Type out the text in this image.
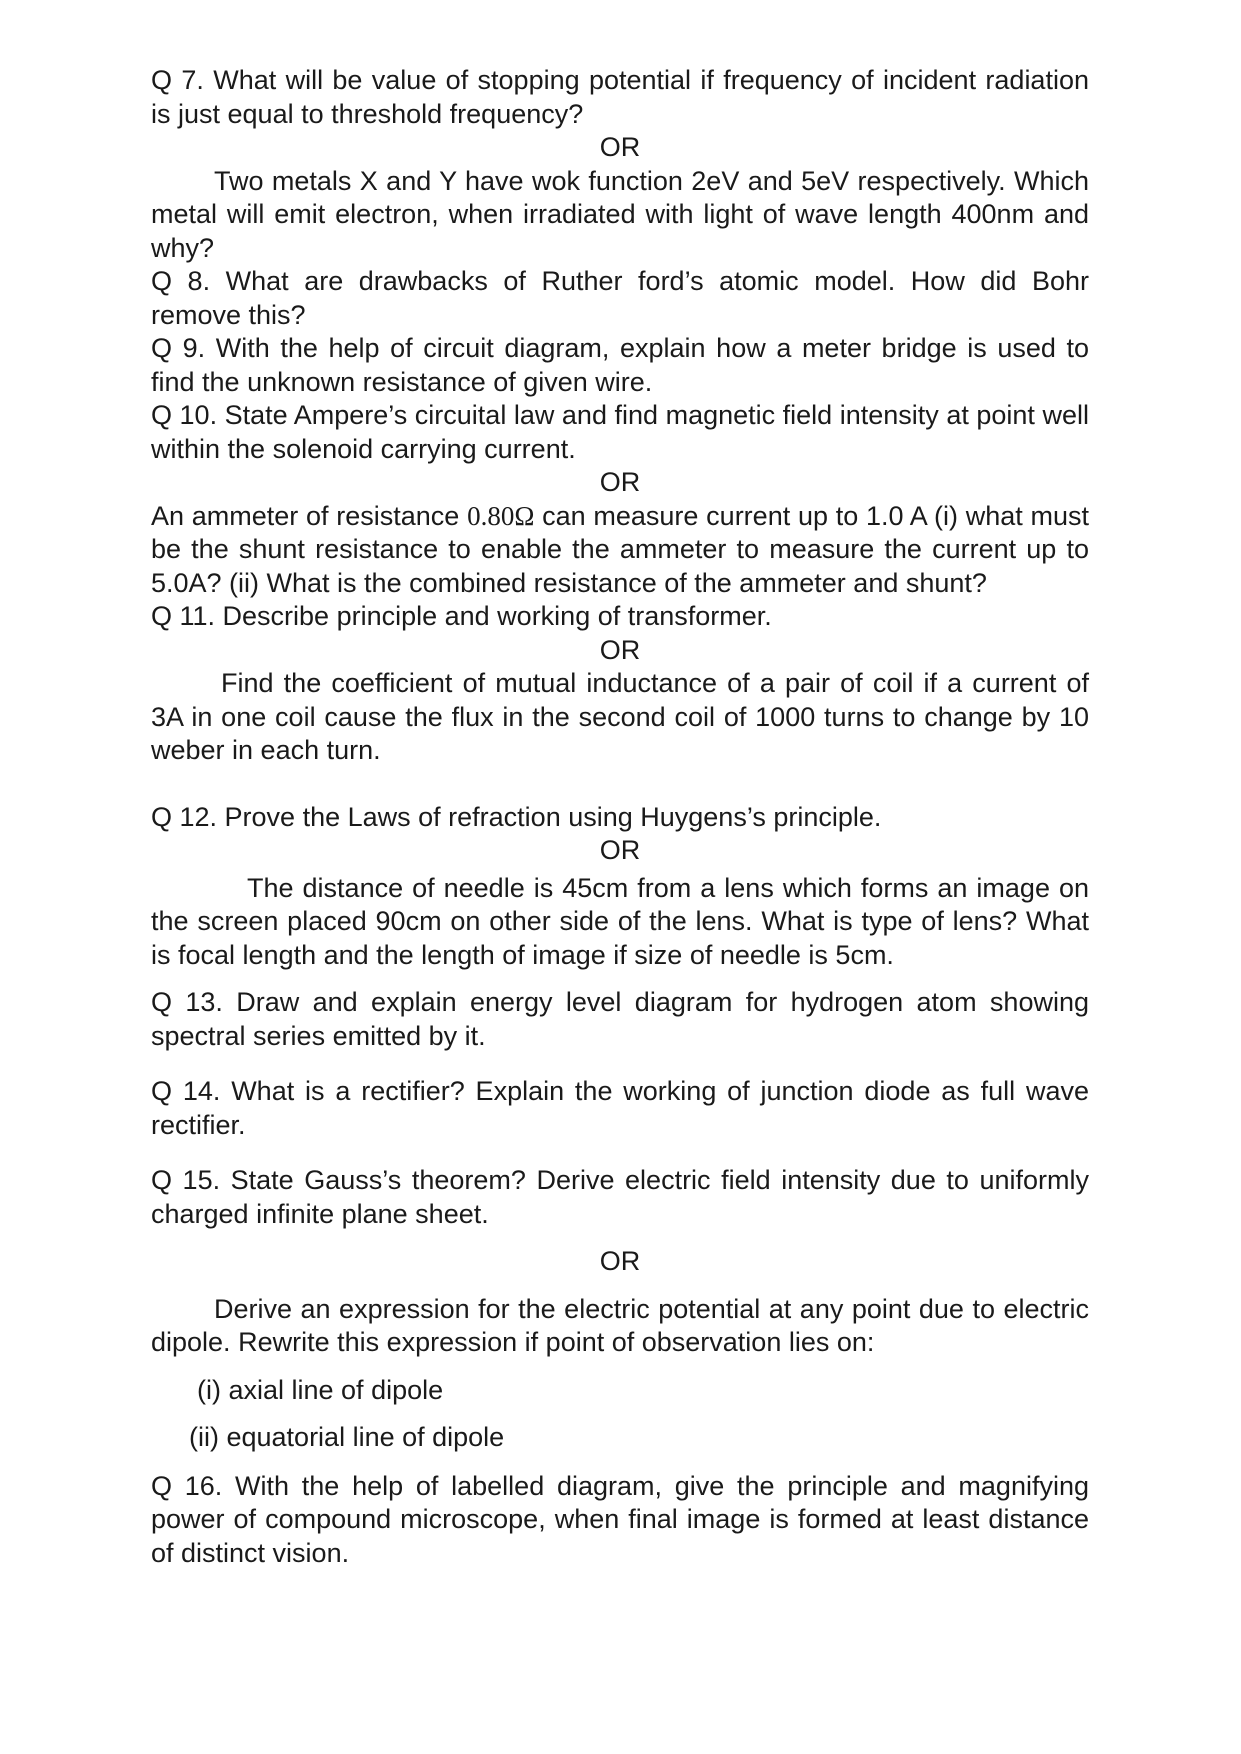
Q 7. What will be value of stopping potential if frequency of incident radiation is just equal to threshold frequency?

OR

Two metals X and Y have wok function 2eV and 5eV respectively. Which metal will emit electron, when irradiated with light of wave length 400nm and why?

Q 8. What are drawbacks of Ruther ford’s atomic model. How did Bohr remove this?

Q 9. With the help of circuit diagram, explain how a meter bridge is used to find the unknown resistance of given wire.

Q 10. State Ampere’s circuital law and find magnetic field intensity at point well within the solenoid carrying current.

OR

An ammeter of resistance 0.80Ω can measure current up to 1.0 A (i) what must be the shunt resistance to enable the ammeter to measure the current up to 5.0A? (ii) What is the combined resistance of the ammeter and shunt?

Q 11. Describe principle and working of transformer.

OR

Find the coefficient of mutual inductance of a pair of coil if a current of 3A in one coil cause the flux in the second coil of 1000 turns to change by 10 weber in each turn.

Q 12. Prove the Laws of refraction using Huygens’s principle.

OR

The distance of needle is 45cm from a lens which forms an image on the screen placed 90cm on other side of the lens. What is type of lens? What is focal length and the length of image if size of needle is 5cm.

Q 13. Draw and explain energy level diagram for hydrogen atom showing spectral series emitted by it.

Q 14. What is a rectifier? Explain the working of junction diode as full wave rectifier.

Q 15. State Gauss’s theorem? Derive electric field intensity due to uniformly charged infinite plane sheet.

OR

Derive an expression for the electric potential at any point due to electric dipole. Rewrite this expression if point of observation lies on:

(i) axial line of dipole

(ii) equatorial line of dipole

Q 16. With the help of labelled diagram, give the principle and magnifying power of compound microscope, when final image is formed at least distance of distinct vision.
